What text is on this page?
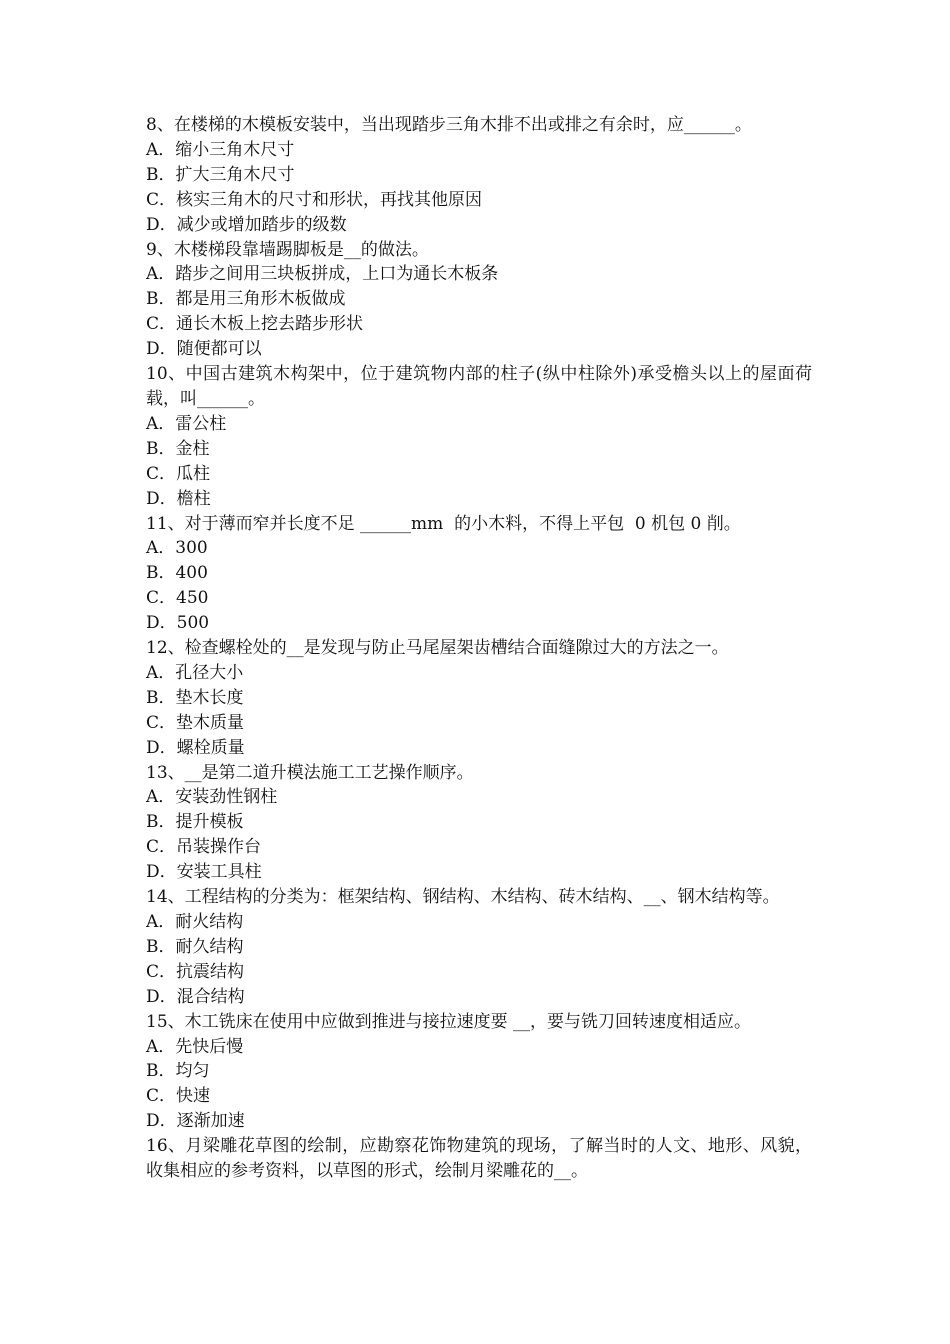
8、在楼梯的木模板安装中，当出现踏步三角木排不出或排之有余时，应______。

A．缩小三角木尺寸

B．扩大三角木尺寸

C．核实三角木的尺寸和形状，再找其他原因

D．减少或增加踏步的级数

9、木楼梯段靠墙踢脚板是__的做法。

A．踏步之间用三块板拼成，上口为通长木板条

B．都是用三角形木板做成

C．通长木板上挖去踏步形状

D．随便都可以

10、中国古建筑木构架中，位于建筑物内部的柱子(纵中柱除外)承受檐头以上的屋面荷载，叫______。

A．雷公柱

B．金柱

C．瓜柱

D．檐柱

11、对于薄而窄并长度不足 ______mm  的小木料，不得上平包  0 机包 0 削。

A．300

B．400

C．450

D．500

12、检查螺栓处的__是发现与防止马尾屋架齿槽结合面缝隙过大的方法之一。

A．孔径大小

B．垫木长度

C．垫木质量

D．螺栓质量

13、__是第二道升模法施工工艺操作顺序。

A．安装劲性钢柱

B．提升模板

C．吊装操作台

D．安装工具柱

14、工程结构的分类为：框架结构、钢结构、木结构、砖木结构、__、钢木结构等。

A．耐火结构

B．耐久结构

C．抗震结构

D．混合结构

15、木工铣床在使用中应做到推进与接拉速度要 __，要与铣刀回转速度相适应。

A．先快后慢

B．均匀

C．快速

D．逐渐加速

16、月梁雕花草图的绘制，应勘察花饰物建筑的现场，了解当时的人文、地形、风貌，收集相应的参考资料，以草图的形式，绘制月梁雕花的__。
